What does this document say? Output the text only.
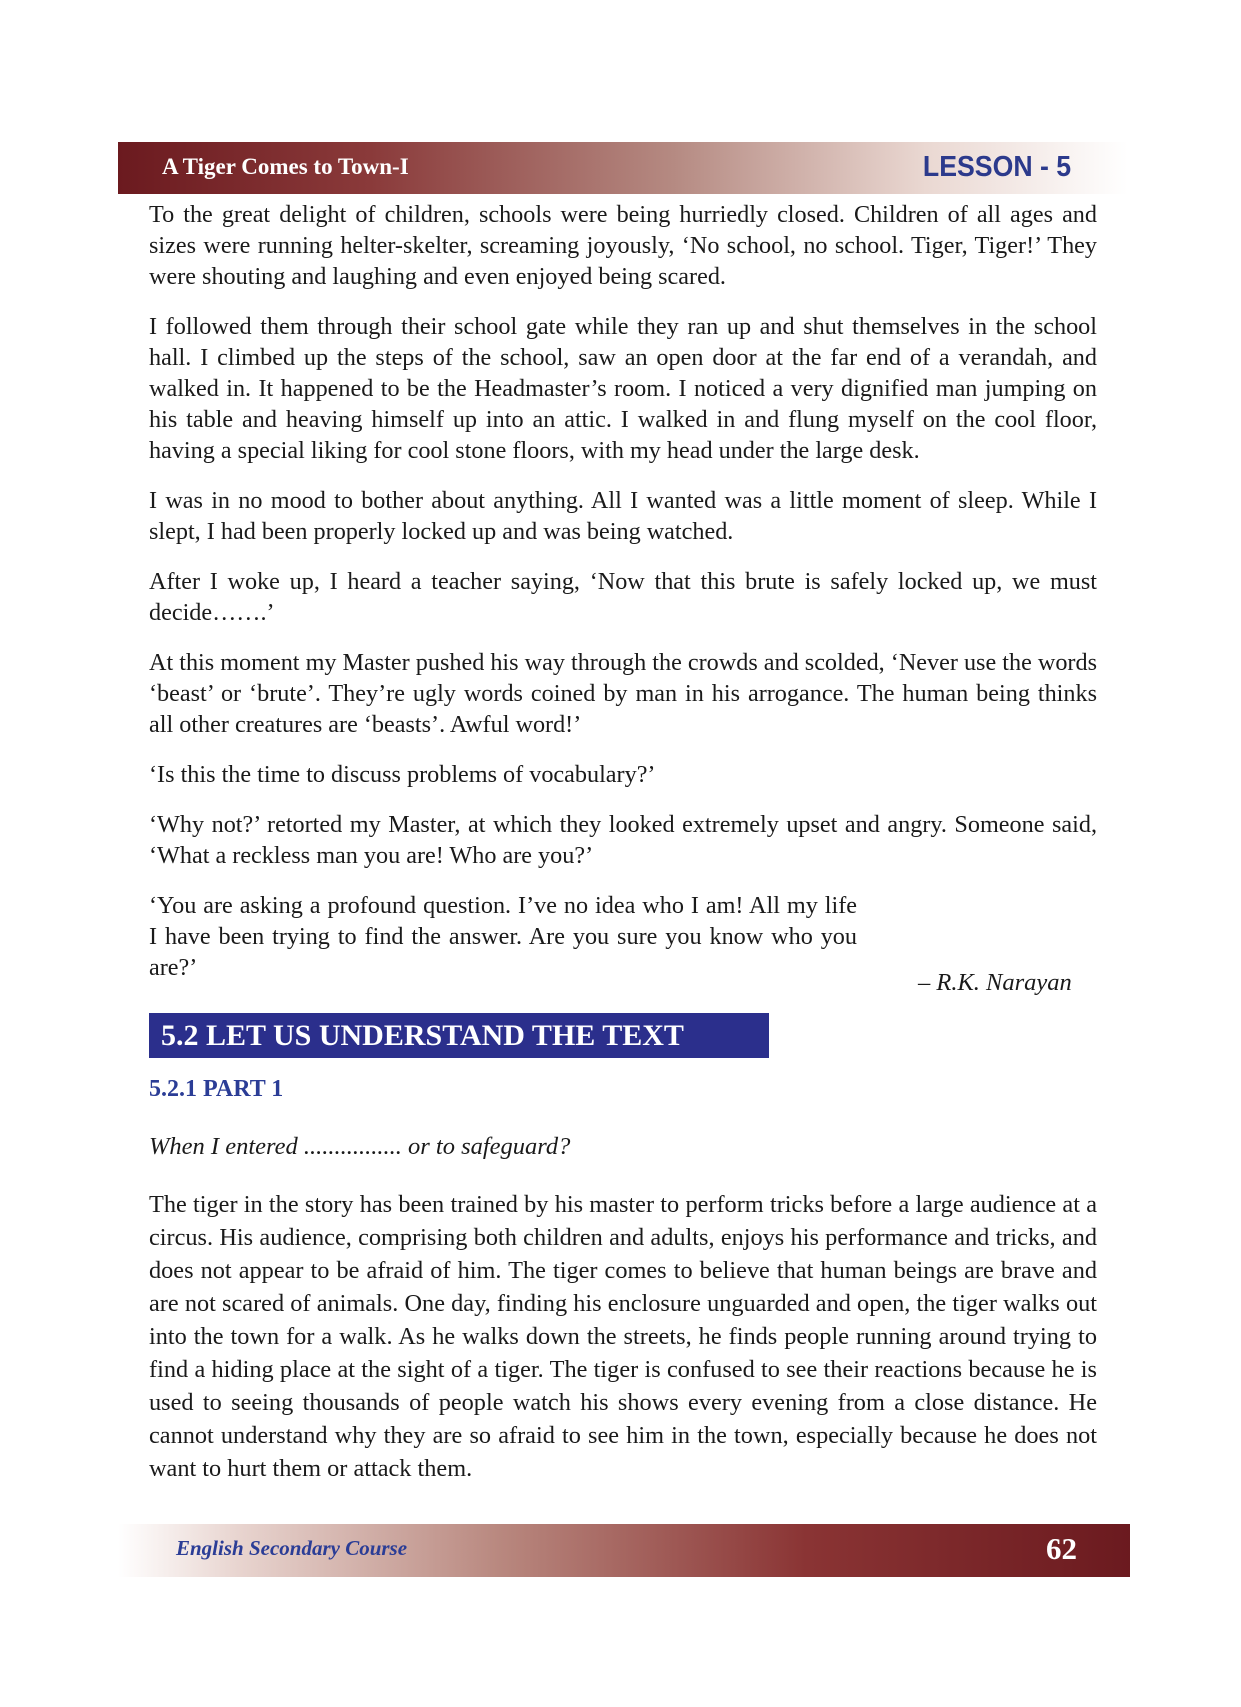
A Tiger Comes to Town-I	LESSON - 5

To the great delight of children, schools were being hurriedly closed. Children of all ages and sizes were running helter-skelter, screaming joyously, ‘No school, no school. Tiger, Tiger!’ They were shouting and laughing and even enjoyed being scared.

I followed them through their school gate while they ran up and shut themselves in the school hall. I climbed up the steps of the school, saw an open door at the far end of a verandah, and walked in. It happened to be the Headmaster’s room. I noticed a very dignified man jumping on his table and heaving himself up into an attic. I walked in and flung myself on the cool floor, having a special liking for cool stone floors, with my head under the large desk.

I was in no mood to bother about anything. All I wanted was a little moment of sleep. While I slept, I had been properly locked up and was being watched.

After I woke up, I heard a teacher saying, ‘Now that this brute is safely locked up, we must decide…….’

At this moment my Master pushed his way through the crowds and scolded, ‘Never use the words ‘beast’ or ‘brute’. They’re ugly words coined by man in his arrogance. The human being thinks all other creatures are ‘beasts’. Awful word!’

‘Is this the time to discuss problems of vocabulary?’

‘Why not?’ retorted my Master, at which they looked extremely upset and angry. Someone said, ‘What a reckless man you are! Who are you?’

‘You are asking a profound question. I’ve no idea who I am! All my life I have been trying to find the answer. Are you sure you know who you are?’

– R.K. Narayan
5.2 LET US UNDERSTAND THE TEXT
5.2.1 PART 1
When I entered ................ or to safeguard?

The tiger in the story has been trained by his master to perform tricks before a large audience at a circus. His audience, comprising both children and adults, enjoys his performance and tricks, and does not appear to be afraid of him. The tiger comes to believe that human beings are brave and are not scared of animals. One day, finding his enclosure unguarded and open, the tiger walks out into the town for a walk. As he walks down the streets, he finds people running around trying to find a hiding place at the sight of a tiger. The tiger is confused to see their reactions because he is used to seeing thousands of people watch his shows every evening from a close distance. He cannot understand why they are so afraid to see him in the town, especially because he does not want to hurt them or attack them.

English Secondary Course	62
